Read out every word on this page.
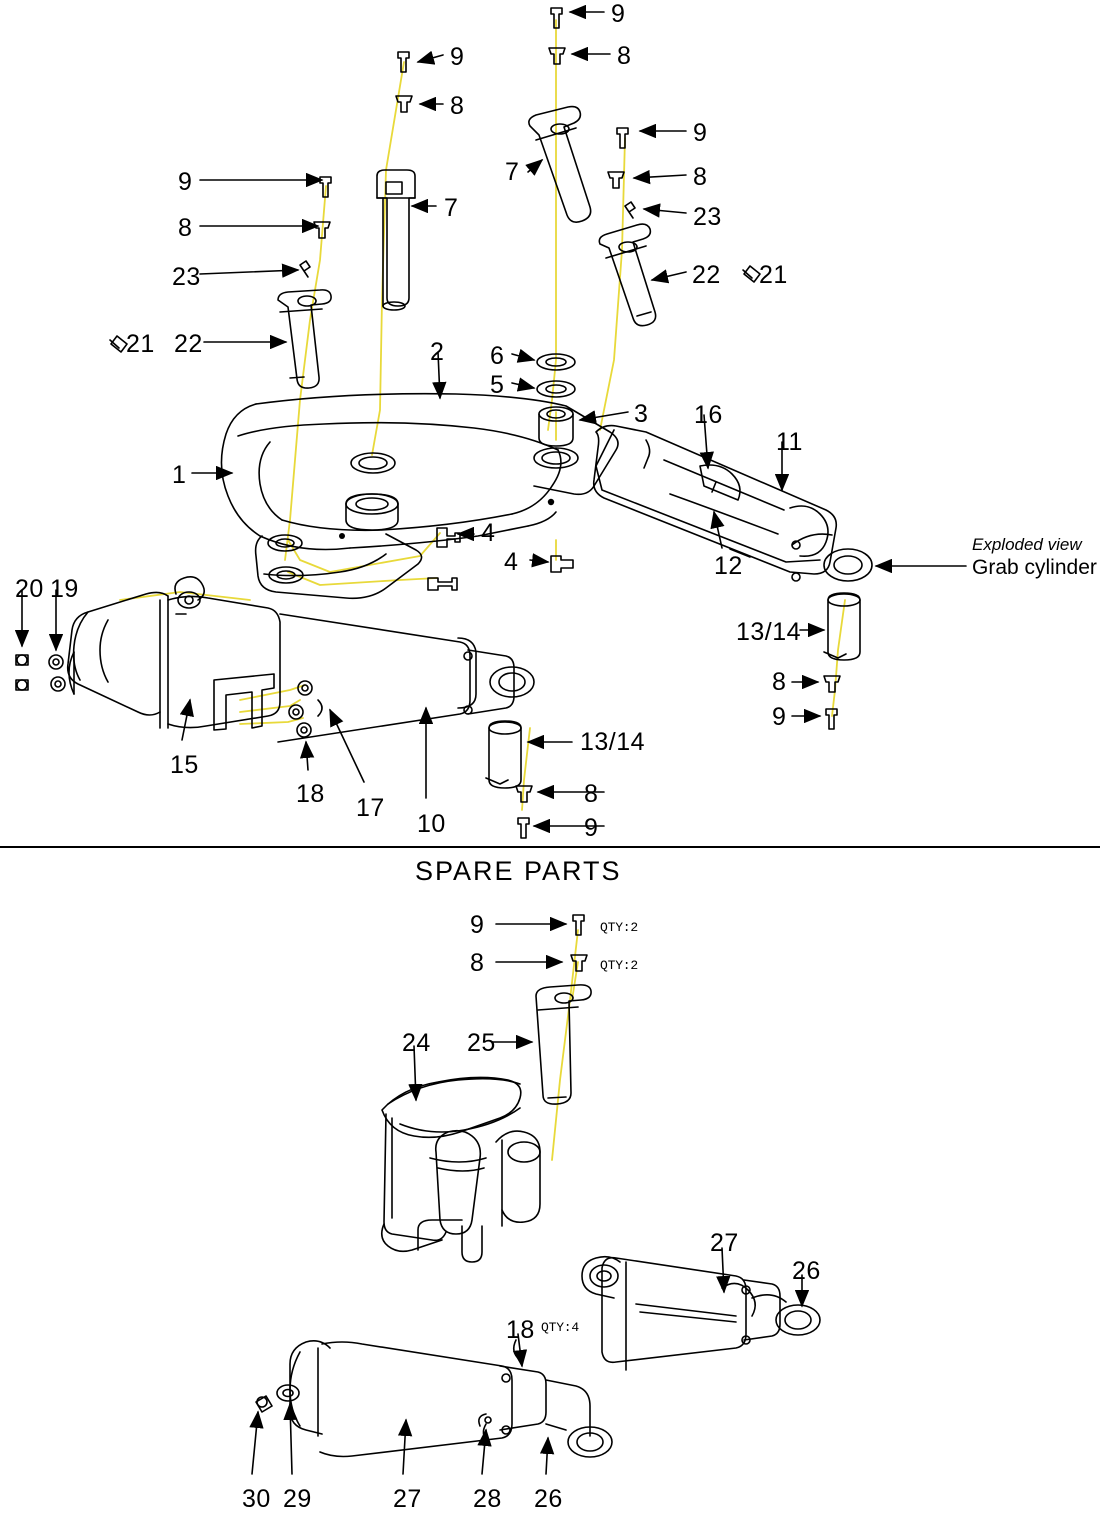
9
8
9
8
7
7
9
8
23
9
8
23	22 21
22
21	2 6
5
3 16
11
1
4
4	12
20 19
13/14
8
9
13/14
15
18 17
10
8
9
Exploded view
Grab cylinder
SPARE PARTS
9
8
24 25
27
26
18
30 29	27 28 26
QTY:2
QTY:2
QTY:4
